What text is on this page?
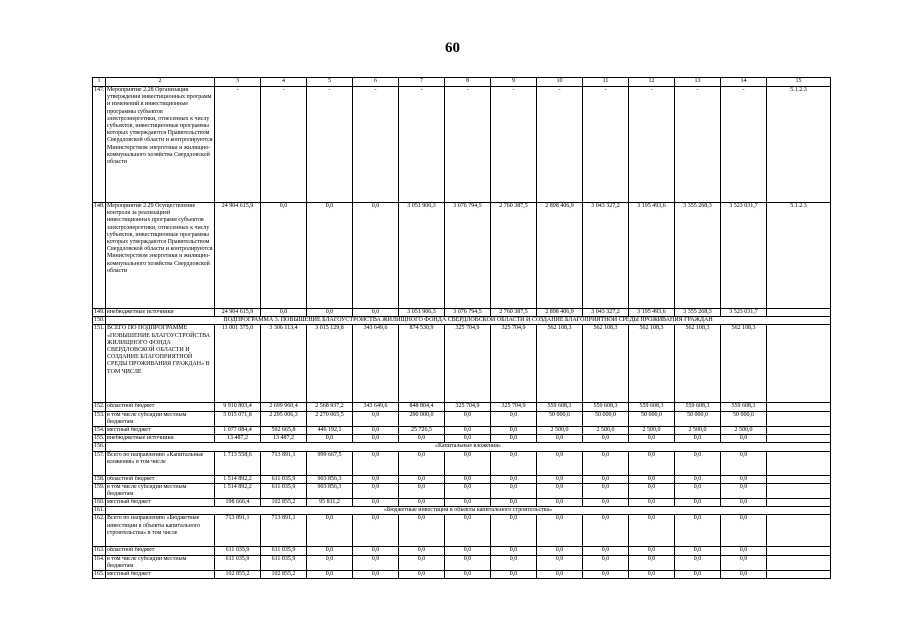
60
1	2	3	4	5	6	7	8	9	10	11	12	13	14	15
147.	Мероприятие 2.28 Организация утверждения инвестиционных программ и изменений в инвестиционные программы субъектов электроэнергетики, отнесенных к числу субъектов, инвестиционные программы которых утверждаются Правительством Свердловской области и контролируются Министерством энергетики и жилищно-коммунального хозяйства Свердловской области	-	-	-	-	-	-	-	-	-	-	-	-	5.1.2.3
148.	Мероприятие 2.29 Осуществление контроля за реализацией инвестиционных программ субъектов электроэнергетики, отнесенных к числу субъектов, инвестиционные программы которых утверждаются Правительством Свердловской области и контролируются Министерством энергетики и жилищно-коммунального хозяйства Свердловской области	24 904 615,9	0,0	0,0	0,0	3 051 906,3	3 076 794,5	2 760 387,5	2 898 406,9	3 043 327,2	3 195 493,6	3 355 268,3	3 523 031,7	5.1.2.3
149.	внебюджетные источники	24 904 615,9	0,0	0,0	0,0	3 051 906,3	3 076 794,5	2 760 387,5	2 898 406,9	3 043 327,2	3 195 493,6	3 355 268,3	3 523 031,7	
150.	ПОДПРОГРАММА 3. ПОВЫШЕНИЕ БЛАГОУСТРОЙСТВА ЖИЛИЩНОГО ФОНДА СВЕРДЛОВСКОЙ ОБЛАСТИ И СОЗДАНИЕ БЛАГОПРИЯТНОЙ СРЕДЫ ПРОЖИВАНИЯ ГРАЖДАН													
151.	ВСЕГО ПО ПОДПРОГРАММЕ «ПОВЫШЕНИЕ БЛАГОУСТРОЙСТВА ЖИЛИЩНОГО ФОНДА СВЕРДЛОВСКОЙ ОБЛАСТИ И СОЗДАНИЕ БЛАГОПРИЯТНОЙ СРЕДЫ ПРОЖИВАНИЯ ГРАЖДАН» В ТОМ ЧИСЛЕ	11 001 375,0	3 306 113,4	3 015 129,8	343 649,6	874 530,9	325 704,9	325 704,9	562 108,3	562 108,3	562 108,3	562 108,3	562 108,3	
152.	областной бюджет	9 910 803,4	2 699 960,4	2 568 937,2	343 649,6	848 804,4	325 704,9	325 704,9	559 608,3	559 608,3	559 608,3	559 608,3	559 608,3	
153.	в том числе субсидии местным бюджетам	5 015 071,8	2 295 006,3	2 270 065,5	0,0	290 000,0	0,0	0,0	50 000,0	50 000,0	50 000,0	50 000,0	50 000,0	
154.	местный бюджет	1 077 084,4	592 665,8	446 192,1	0,0	25 726,5	0,0	0,0	2 500,0	2 500,0	2 500,0	2 500,0	2 500,0	
155.	внебюджетные источники	13 487,2	13 487,2	0,0	0,0	0,0	0,0	0,0	0,0	0,0	0,0	0,0	0,0	
156.	«Капитальные вложения»													
157.	Всего по направлению «Капитальные вложения» в том числе	1 713 558,6	713 891,1	999 667,5	0,0	0,0	0,0	0,0	0,0	0,0	0,0	0,0	0,0	
158.	областной бюджет	1 514 892,2	611 035,9	903 856,3	0,0	0,0	0,0	0,0	0,0	0,0	0,0	0,0	0,0	
159.	в том числе субсидии местным бюджетам	1 514 892,2	611 035,9	903 856,3	0,0	0,0	0,0	0,0	0,0	0,0	0,0	0,0	0,0	
160.	местный бюджет	198 666,4	102 855,2	95 811,2	0,0	0,0	0,0	0,0	0,0	0,0	0,0	0,0	0,0	
161.	«Бюджетные инвестиции в объекты капитального строительства»													
162.	Всего по направлению «Бюджетные инвестиции в объекты капитального строительства» в том числе	713 891,1	713 891,1	0,0	0,0	0,0	0,0	0,0	0,0	0,0	0,0	0,0	0,0	
163.	областной бюджет	611 035,9	611 035,9	0,0	0,0	0,0	0,0	0,0	0,0	0,0	0,0	0,0	0,0	
164.	в том числе субсидии местным бюджетам	611 035,9	611 035,9	0,0	0,0	0,0	0,0	0,0	0,0	0,0	0,0	0,0	0,0	
165.	местный бюджет	102 855,2	102 855,2	0,0	0,0	0,0	0,0	0,0	0,0	0,0	0,0	0,0	0,0	
